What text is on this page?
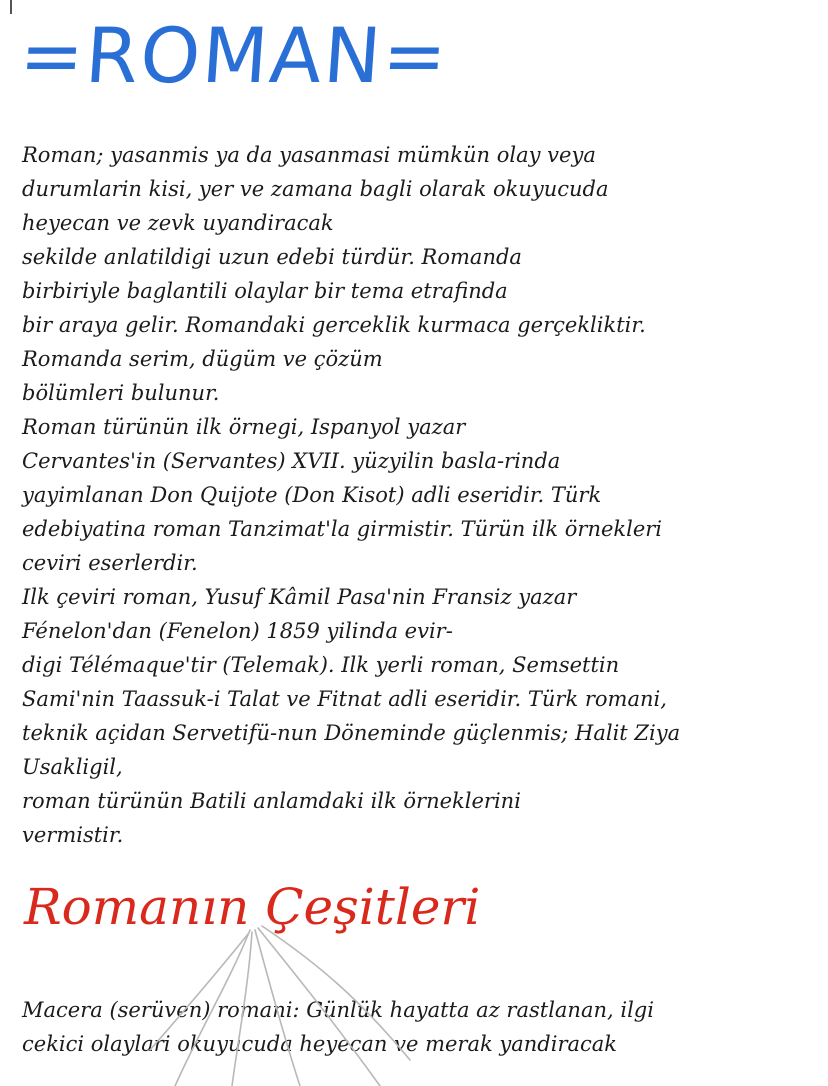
=ROMAN=
Roman; yasanmis ya da yasanmasi mümkün olay veya
durumlarin kisi, yer ve zamana bagli olarak okuyucuda
heyecan ve zevk uyandiracak
sekilde anlatildigi uzun edebi türdür. Romanda
birbiriyle baglantili olaylar bir tema etrafinda
bir araya gelir. Romandaki gerceklik kurmaca gerçekliktir.
Romanda serim, dügüm ve çözüm
bölümleri bulunur.
Roman türünün ilk örnegi, Ispanyol yazar
Cervantes'in (Servantes) XVII. yüzyilin basla-rinda
yayimlanan Don Quijote (Don Kisot) adli eseridir. Türk
edebiyatina roman Tanzimat'la girmistir. Türün ilk örnekleri
ceviri eserlerdir.
Ilk çeviri roman, Yusuf Kâmil Pasa'nin Fransiz yazar
Fénelon'dan (Fenelon) 1859 yilinda evir-
digi Télémaque'tir (Telemak). Ilk yerli roman, Semsettin
Sami'nin Taassuk-i Talat ve Fitnat adli eseridir. Türk romani,
teknik açidan Servetifü-nun Döneminde güçlenmis; Halit Ziya
Usakligil,
roman türünün Batili anlamdaki ilk örneklerini
vermistir.
Romanın Çeşitleri
Macera (serüven) romani: Günlük hayatta az rastlanan, ilgi
cekici olaylari okuyucuda heyecan ve merak yandiracak
